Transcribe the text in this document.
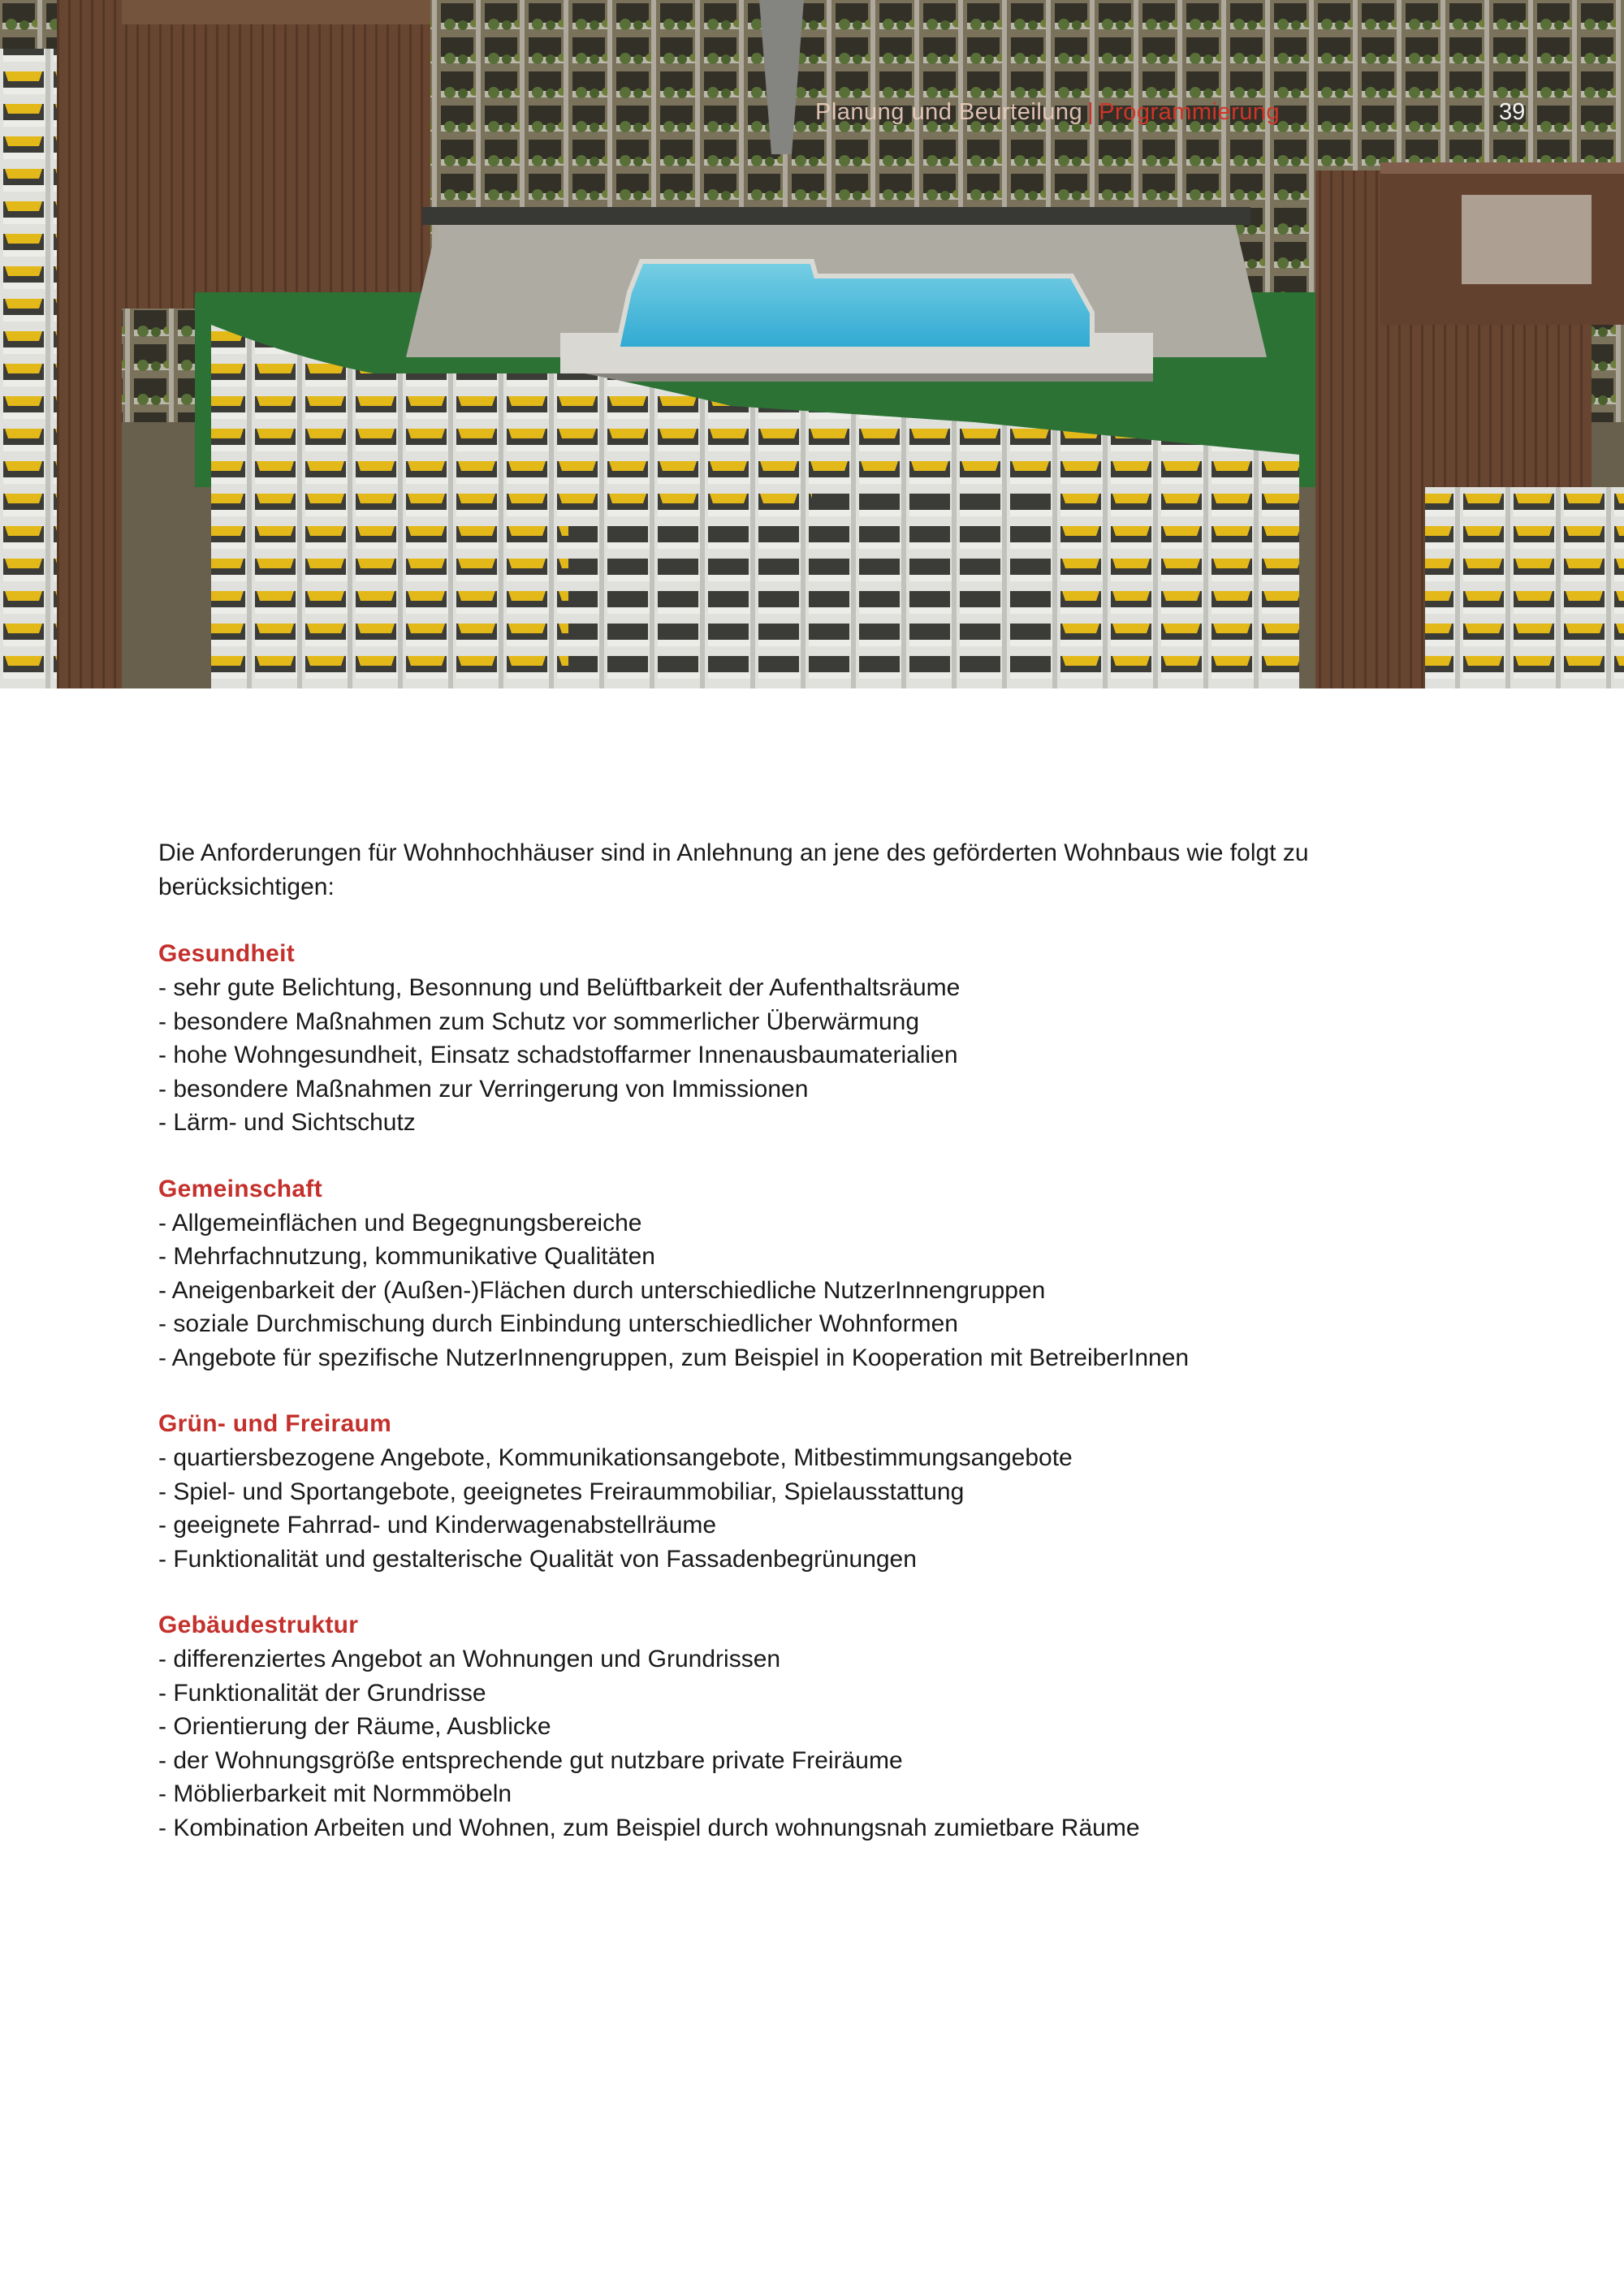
Planung und Beurteilung | Programmierung	39

Die Anforderungen für Wohnhochhäuser sind in Anlehnung an jene des geförderten Wohnbaus wie folgt zu berücksichtigen:

Gesundheit
- sehr gute Belichtung, Besonnung und Belüftbarkeit der Aufenthaltsräume
- besondere Maßnahmen zum Schutz vor sommerlicher Überwärmung
- hohe Wohngesundheit, Einsatz schadstoffarmer Innenausbaumaterialien
- besondere Maßnahmen zur Verringerung von Immissionen
- Lärm- und Sichtschutz
Gemeinschaft
- Allgemeinflächen und Begegnungsbereiche
- Mehrfachnutzung, kommunikative Qualitäten
- Aneigenbarkeit der (Außen-)Flächen durch unterschiedliche NutzerInnengruppen
- soziale Durchmischung durch Einbindung unterschiedlicher Wohnformen
- Angebote für spezifische NutzerInnengruppen, zum Beispiel in Kooperation mit BetreiberInnen
Grün- und Freiraum
- quartiersbezogene Angebote, Kommunikationsangebote, Mitbestimmungsangebote
- Spiel- und Sportangebote, geeignetes Freiraummobiliar, Spielausstattung
- geeignete Fahrrad- und Kinderwagenabstellräume
- Funktionalität und gestalterische Qualität von Fassadenbegrünungen
Gebäudestruktur
- differenziertes Angebot an Wohnungen und Grundrissen
- Funktionalität der Grundrisse
- Orientierung der Räume, Ausblicke
- der Wohnungsgröße entsprechende gut nutzbare private Freiräume
- Möblierbarkeit mit Normmöbeln
- Kombination Arbeiten und Wohnen, zum Beispiel durch wohnungsnah zumietbare Räume
